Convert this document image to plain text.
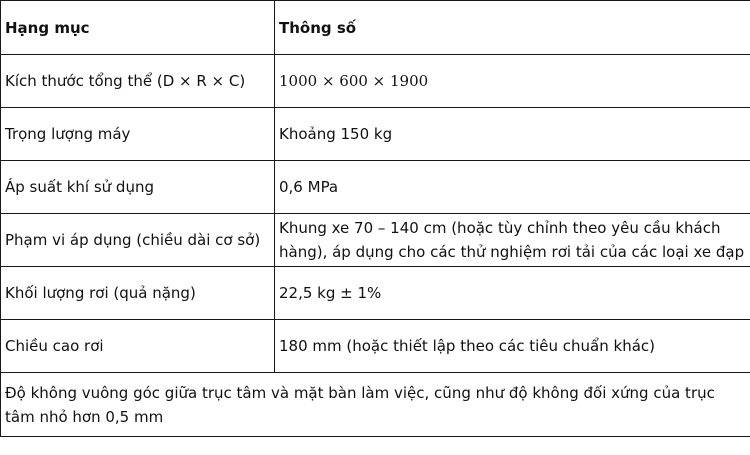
Hạng mục	Thông số
Kích thước tổng thể (D × R × C)	1000 × 600 × 1900
Trọng lượng máy	Khoảng 150 kg
Áp suất khí sử dụng	0,6 MPa
Phạm vi áp dụng (chiều dài cơ sở)	Khung xe 70 – 140 cm (hoặc tùy chỉnh theo yêu cầu khách hàng), áp dụng cho các thử nghiệm rơi tải của các loại xe đạp
Khối lượng rơi (quả nặng)	22,5 kg ± 1%
Chiều cao rơi	180 mm (hoặc thiết lập theo các tiêu chuẩn khác)
Độ không vuông góc giữa trục tâm và mặt bàn làm việc, cũng như độ không đối xứng của trục tâm nhỏ hơn 0,5 mm	
